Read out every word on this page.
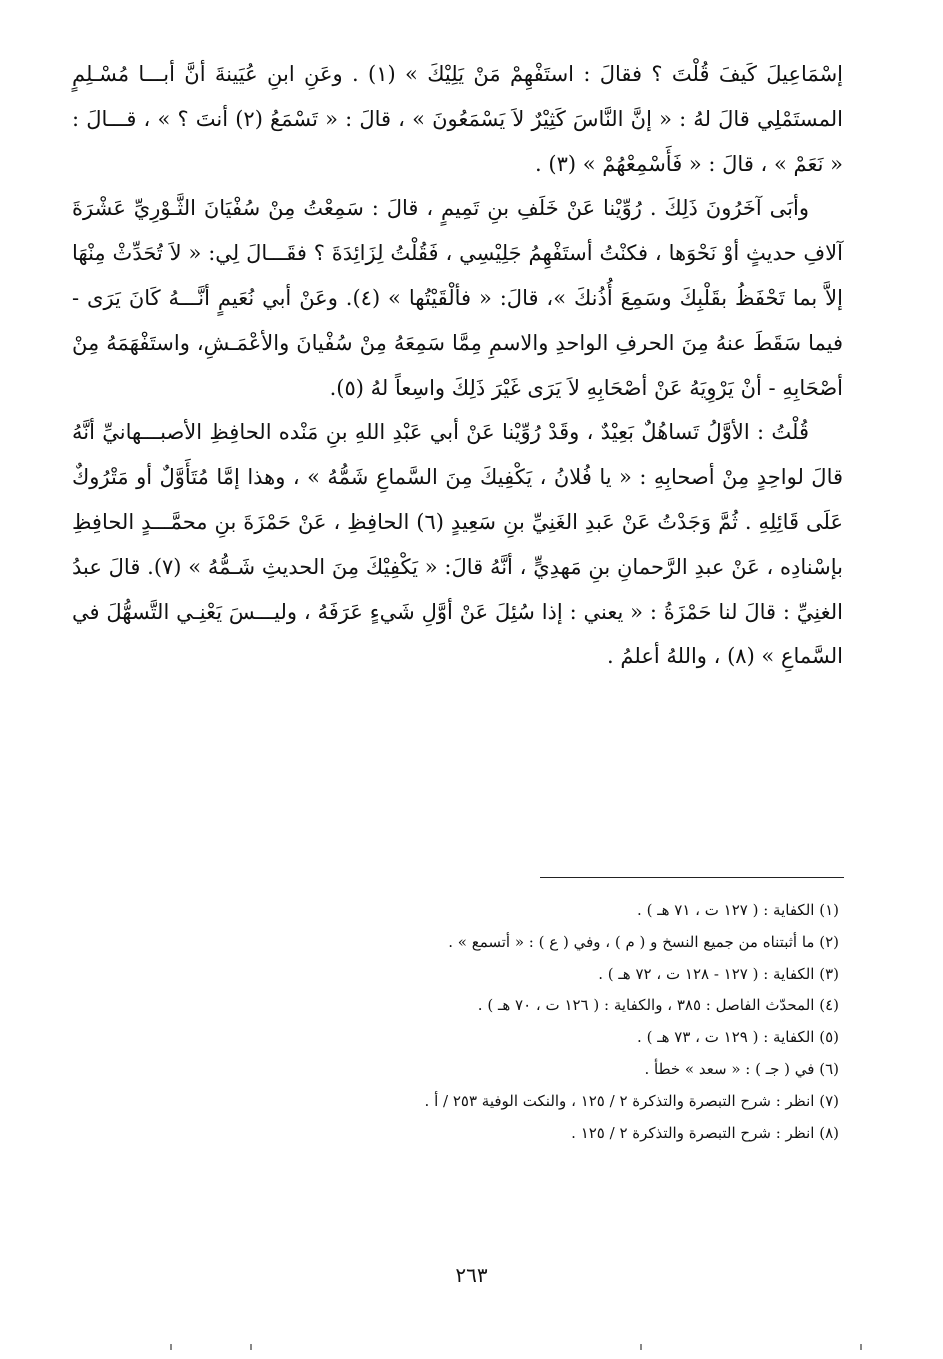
إسْمَاعِيلَ كَيفَ قُلْتَ ؟ فقالَ : استَفْهِمْ مَنْ يَلِيْكَ » (١) . وعَنِ ابنِ عُيَينةَ أنَّ أبـــا مُسْـلِمٍ المستَمْلِي قالَ لهُ : « إنَّ النَّاسَ كَثِيْرٌ لاَ يَسْمَعُونَ » ، قالَ : « تَسْمَعُ (٢) أنتَ ؟ » ، قـــالَ : « نَعَمْ » ، قالَ : « فَأَسْمِعْهُمْ » (٣) .

وأبَى آخَرُونَ ذَلِكَ . رُوِّيْنا عَنْ خَلَفِ بنِ تَمِيمٍ ، قالَ : سَمِعْتُ مِنْ سُفْيَانَ الثَّـوْرِيِّ عَشْرَةَ آلافِ حديثٍ أوْ نَحْوَها ، فكنْتُ أستَفْهِمُ جَلِيْسِي ، فَقُلْتُ لِزَائِدَةَ ؟ فقَـــالَ لِي: « لاَ تُحَدِّثْ مِنْهَا إلاَّ بما تَحْفَظُ بقَلْبِكَ وسَمِعَ أُذُنكَ »، قالَ: « فألْقَيْتُها » (٤). وعَنْ أبي نُعَيمٍ أنَّـــهُ كَانَ يَرَى - فيما سَقَطَ عنهُ مِنَ الحرفِ الواحدِ والاسمِ مِمَّا سَمِعَهُ مِنْ سُفْيانَ والأعْمَـشِ، واستَفْهَمَهُ مِنْ أصْحَابِهِ - أنْ يَرْوِيَهُ عَنْ أصْحَابِهِ لاَ يَرَى غَيْرَ ذَلِكَ واسِعاً لهُ (٥).

قُلْتُ : الأوَّلُ تَساهُلٌ بَعِيْدٌ ، وقَدْ رُوِّيْنا عَنْ أبي عَبْدِ اللهِ بنِ مَنْده الحافِظِ الأصبـــهانيِّ أنَّهُ قالَ لواحِدٍ مِنْ أصحابِهِ : « يا فُلانُ ، يَكْفِيكَ مِنَ السَّماعِ شَمُّهُ » ، وهذا إمَّا مُتَأَوَّلٌ أو مَتْرُوكٌ عَلَى قَائِلِهِ . ثُمَّ وَجَدْتُ عَنْ عَبدِ الغَنِيِّ بنِ سَعِيدٍ (٦) الحافِظِ ، عَنْ حَمْزَةَ بنِ محمَّـــدٍ الحافِظِ بإسْنادِه ، عَنْ عبدِ الرَّحمانِ بنِ مَهدِيٍّ ، أنَّهُ قالَ: « يَكْفِيْكَ مِنَ الحديثِ شَـمُّهُ » (٧). قالَ عبدُ الغنِيِّ : قالَ لنا حَمْزَةُ : « يعني : إذا سُئِلَ عَنْ أوَّلِ شَيءٍ عَرَفَهُ ، وليـــسَ يَعْنِـي التَّسهُّلَ في السَّماعِ » (٨) ، واللهُ أعلمُ .

(١) الكفاية : ( ١٢٧ ت ، ٧١ هـ ) .

(٢) ما أثبتناه من جميع النسخ و ( م ) ، وفي ( ع ) : « أتسمع » .

(٣) الكفاية : ( ١٢٧ - ١٢٨ ت ، ٧٢ هـ ) .

(٤) المحدّث الفاصل : ٣٨٥ ، والكفاية : ( ١٢٦ ت ، ٧٠ هـ ) .

(٥) الكفاية : ( ١٢٩ ت ، ٧٣ هـ ) .

(٦) في ( جـ ) : « سعد » خطأ .

(٧) انظر : شرح التبصرة والتذكرة ٢ / ١٢٥ ، والنكت الوفية ٢٥٣ / أ .

(٨) انظر : شرح التبصرة والتذكرة ٢ / ١٢٥ .

٢٦٣
